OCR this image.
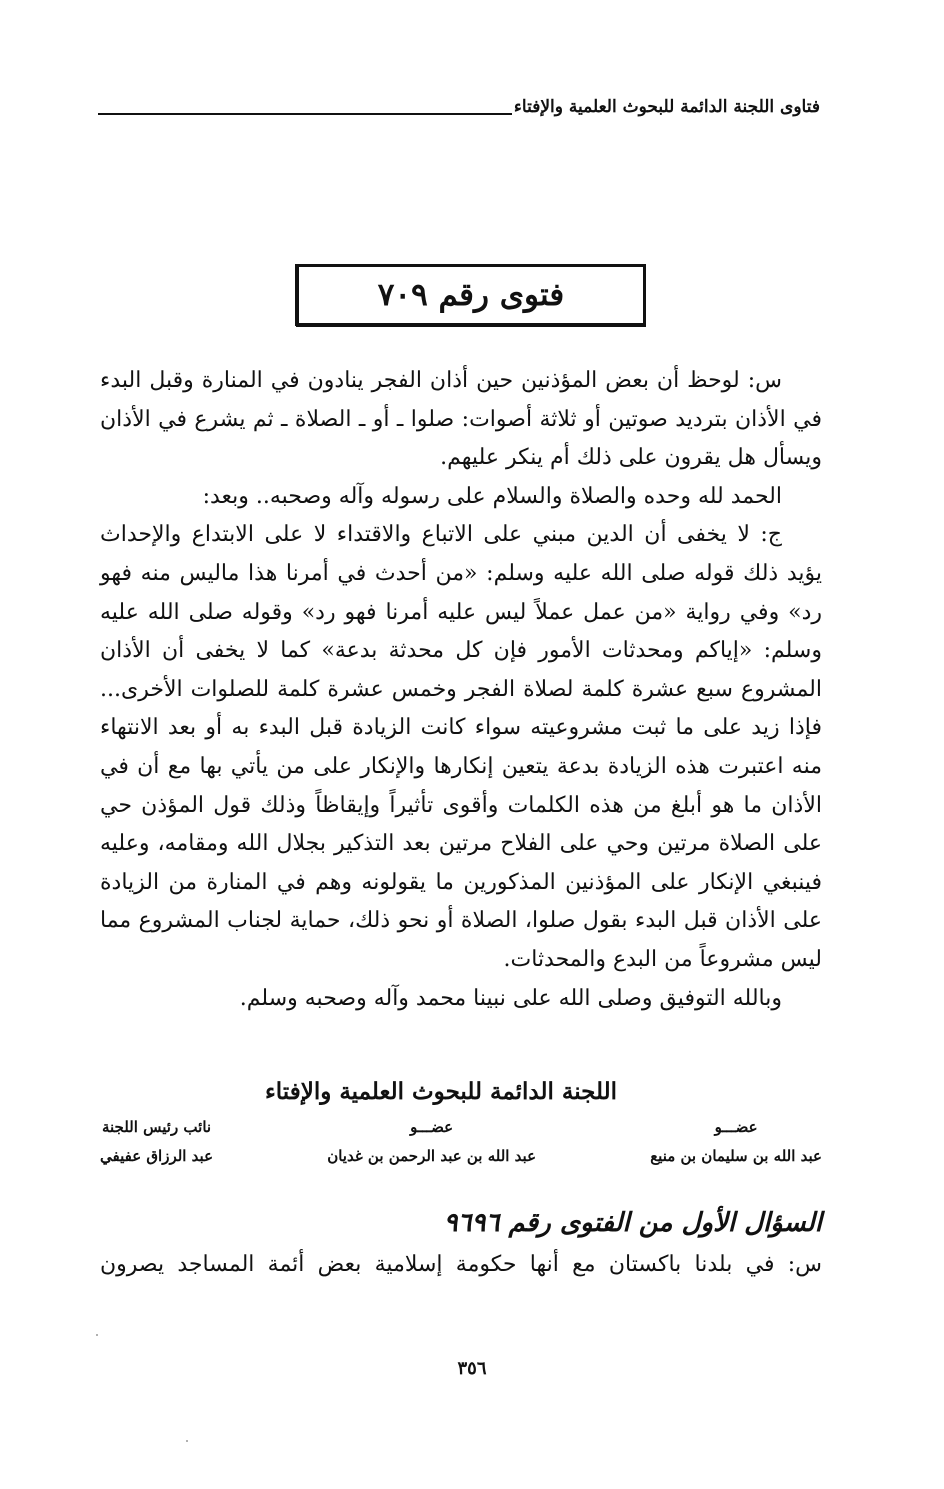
فتاوى اللجنة الدائمة للبحوث العلمية والإفتاء
فتوى رقم ٧٠٩

س: لوحظ أن بعض المؤذنين حين أذان الفجر ينادون في المنارة وقبل البدء في الأذان بترديد صوتين أو ثلاثة أصوات: صلوا ـ أو ـ الصلاة ـ ثم يشرع في الأذان ويسأل هل يقرون على ذلك أم ينكر عليهم.

الحمد لله وحده والصلاة والسلام على رسوله وآله وصحبه.. وبعد:

ج: لا يخفى أن الدين مبني على الاتباع والاقتداء لا على الابتداع والإحداث يؤيد ذلك قوله صلى الله عليه وسلم: «من أحدث في أمرنا هذا ماليس منه فهو رد» وفي رواية «من عمل عملاً ليس عليه أمرنا فهو رد» وقوله صلى الله عليه وسلم: «إياكم ومحدثات الأمور فإن كل محدثة بدعة» كما لا يخفى أن الأذان المشروع سبع عشرة كلمة لصلاة الفجر وخمس عشرة كلمة للصلوات الأخرى... فإذا زيد على ما ثبت مشروعيته سواء كانت الزيادة قبل البدء به أو بعد الانتهاء منه اعتبرت هذه الزيادة بدعة يتعين إنكارها والإنكار على من يأتي بها مع أن في الأذان ما هو أبلغ من هذه الكلمات وأقوى تأثيراً وإيقاظاً وذلك قول المؤذن حي على الصلاة مرتين وحي على الفلاح مرتين بعد التذكير بجلال الله ومقامه، وعليه فينبغي الإنكار على المؤذنين المذكورين ما يقولونه وهم في المنارة من الزيادة على الأذان قبل البدء بقول صلوا، الصلاة أو نحو ذلك، حماية لجناب المشروع مما ليس مشروعاً من البدع والمحدثات.

وبالله التوفيق وصلى الله على نبينا محمد وآله وصحبه وسلم.

اللجنة الدائمة للبحوث العلمية والإفتاء
عضـــو
عبد الله بن سليمان بن منيع
عضـــو
عبد الله بن عبد الرحمن بن غديان
نائب رئيس اللجنة
عبد الرزاق عفيفي
السؤال الأول من الفتوى رقم ٩٦٩٦
س: في بلدنا باكستان مع أنها حكومة إسلامية بعض أئمة المساجد يصرون
٣٥٦
